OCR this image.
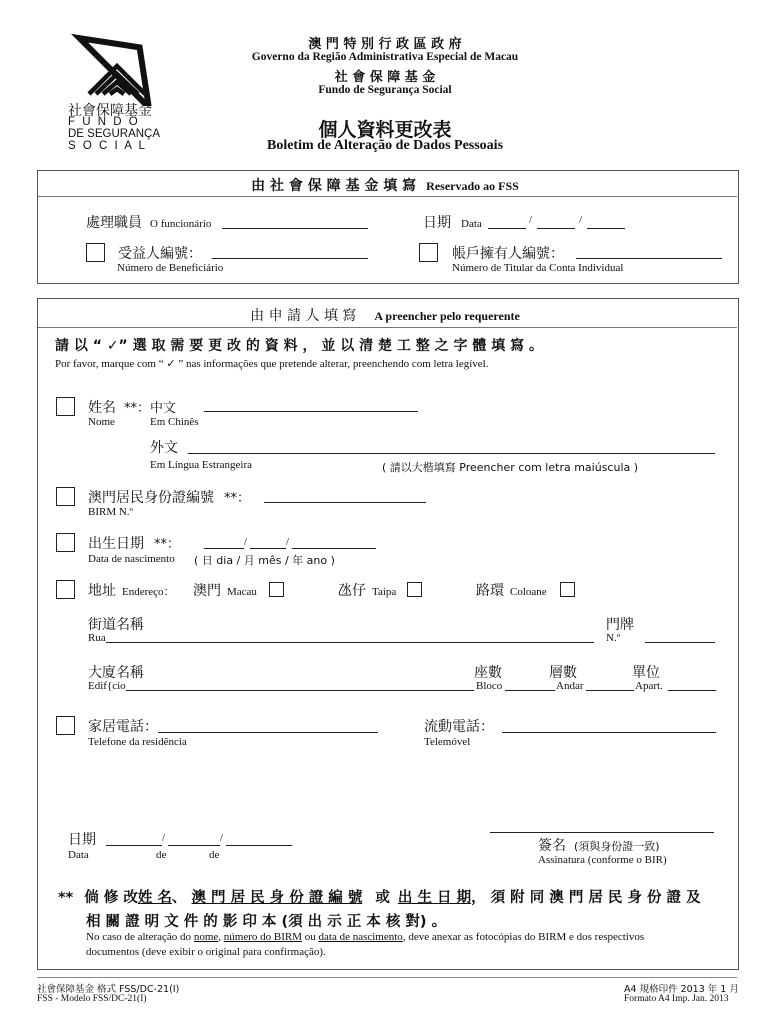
社會保障基金
F U N D O
DE SEGURANÇA
S O C I A L
澳 門 特 別 行 政 區 政 府
Governo da Região Administrativa Especial de Macau
社 會 保 障 基 金
Fundo de Segurança Social
個人資料更改表
Boletim de Alteração de Dados Pessoais
由 社 會 保 障 基 金 填 寫 Reservado ao FSS
處理職員 O funcionário	日期 Data	/	/
受益人編號：
Número de Beneficiário
帳戶擁有人編號：
Número de Titular da Conta Individual
由 申 請 人 填 寫 A preencher pelo requerente
請 以 “ ✓” 選 取 需 要 更 改 的 資 料 ， 並 以 清 楚 工 整 之 字 體 填 寫 。
Por favor, marque com “ ✓ ” nas informações que pretende alterar, preenchendo com letra legível.
姓名 **：中文
Nome	Em Chinês
外文
Em Língua Estrangeira	( 請以大楷填寫 Preencher com letra maiúscula )
澳門居民身份證編號 **：
BIRM N.º
出生日期 **：	/	/
Data de nascimento ( 日 dia / 月 mês / 年 ano )
地址 Endereço： 澳門 Macau	氹仔 Taipa	路環 Coloane
街道名稱
Rua
門牌
N.º
大廈名稱
Edif{cio
座數
Bloco
層數
Andar
單位
Apart.
家居電話：
Telefone da residẽncia
流動電話：
Telemóvel
日期	/	/
Data	de	de
簽名 (須與身份證一致)
Assinatura (conforme o BIR)
** 倘 修 改姓 名、 澳 門 居 民 身 份 證 編 號 或 出 生 日 期， 須 附 同 澳 門 居 民 身 份 證 及
相 關 證 明 文 件 的 影 印 本 (須 出 示 正 本 核 對) 。
No caso de alteração do nome, número do BIRM ou data de nascimento, deve anexar as fotocópias do BIRM e dos respectivos
documentos (deve exibir o original para confirmação).
社會保障基金 格式 FSS/DC-21(I)
FSS - Modelo FSS/DC-21(I)
A4 規格印件 2013 年 1 月
Formato A4 Imp. Jan. 2013
